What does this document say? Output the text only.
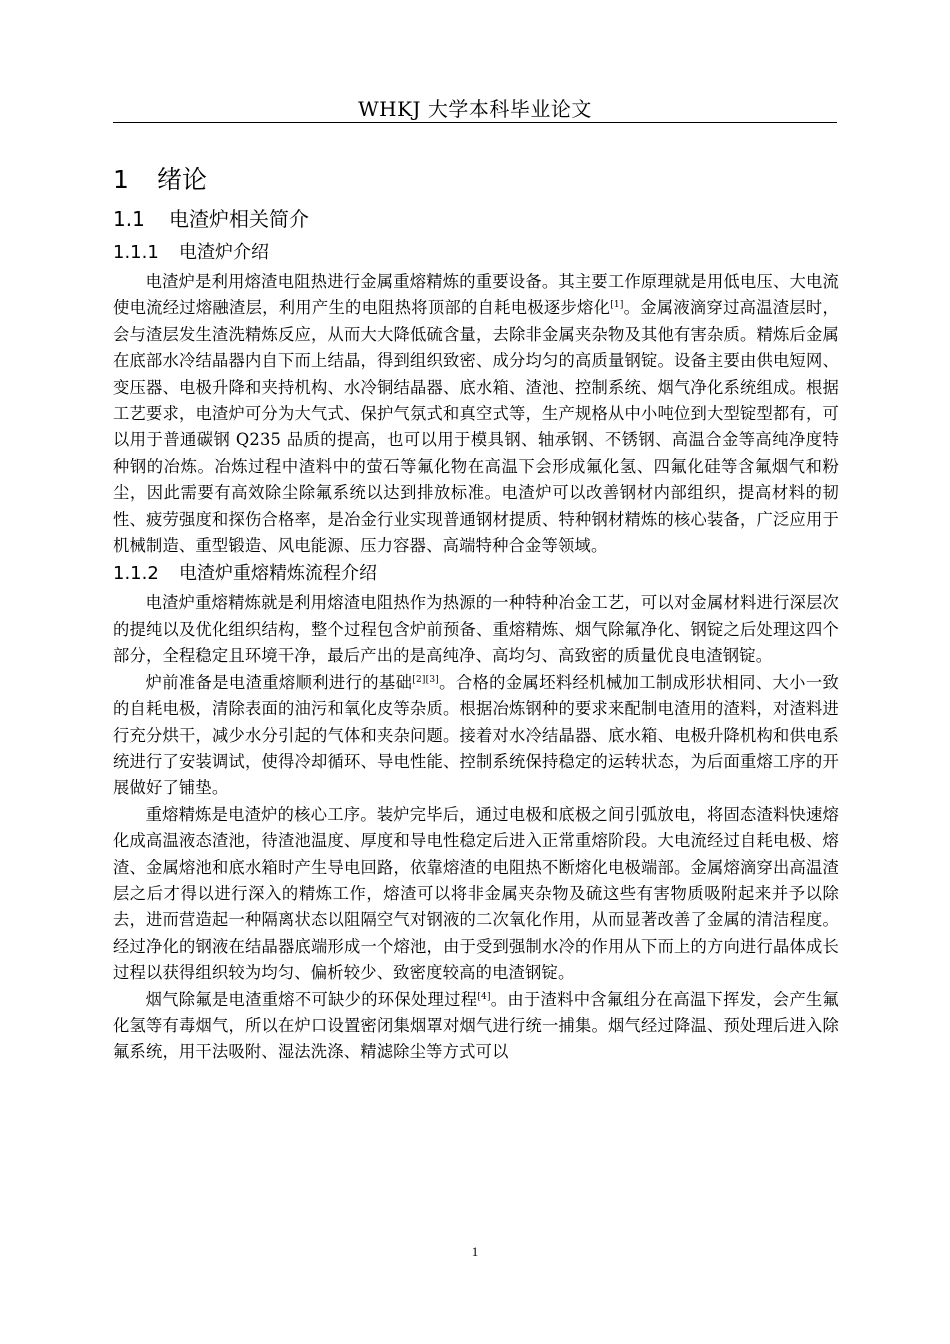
WHKJ 大学本科毕业论文
1 绪论
1.1 电渣炉相关简介
1.1.1 电渣炉介绍

电渣炉是利用熔渣电阻热进行金属重熔精炼的重要设备。其主要工作原理就是用低电压、大电流使电流经过熔融渣层，利用产生的电阻热将顶部的自耗电极逐步熔化[1]。金属液滴穿过高温渣层时，会与渣层发生渣洗精炼反应，从而大大降低硫含量，去除非金属夹杂物及其他有害杂质。精炼后金属在底部水冷结晶器内自下而上结晶，得到组织致密、成分均匀的高质量钢锭。设备主要由供电短网、变压器、电极升降和夹持机构、水冷铜结晶器、底水箱、渣池、控制系统、烟气净化系统组成。根据工艺要求，电渣炉可分为大气式、保护气氛式和真空式等，生产规格从中小吨位到大型锭型都有，可以用于普通碳钢 Q235 品质的提高，也可以用于模具钢、轴承钢、不锈钢、高温合金等高纯净度特种钢的冶炼。冶炼过程中渣料中的萤石等氟化物在高温下会形成氟化氢、四氟化硅等含氟烟气和粉尘，因此需要有高效除尘除氟系统以达到排放标准。电渣炉可以改善钢材内部组织，提高材料的韧性、疲劳强度和探伤合格率，是冶金行业实现普通钢材提质、特种钢材精炼的核心装备，广泛应用于机械制造、重型锻造、风电能源、压力容器、高端特种合金等领域。

1.1.2 电渣炉重熔精炼流程介绍

电渣炉重熔精炼就是利用熔渣电阻热作为热源的一种特种冶金工艺，可以对金属材料进行深层次的提纯以及优化组织结构，整个过程包含炉前预备、重熔精炼、烟气除氟净化、钢锭之后处理这四个部分，全程稳定且环境干净，最后产出的是高纯净、高均匀、高致密的质量优良电渣钢锭。

炉前准备是电渣重熔顺利进行的基础[2][3]。合格的金属坯料经机械加工制成形状相同、大小一致的自耗电极，清除表面的油污和氧化皮等杂质。根据冶炼钢种的要求来配制电渣用的渣料，对渣料进行充分烘干，减少水分引起的气体和夹杂问题。接着对水冷结晶器、底水箱、电极升降机构和供电系统进行了安装调试，使得冷却循环、导电性能、控制系统保持稳定的运转状态，为后面重熔工序的开展做好了铺垫。

重熔精炼是电渣炉的核心工序。装炉完毕后，通过电极和底极之间引弧放电，将固态渣料快速熔化成高温液态渣池，待渣池温度、厚度和导电性稳定后进入正常重熔阶段。大电流经过自耗电极、熔渣、金属熔池和底水箱时产生导电回路，依靠熔渣的电阻热不断熔化电极端部。金属熔滴穿出高温渣层之后才得以进行深入的精炼工作，熔渣可以将非金属夹杂物及硫这些有害物质吸附起来并予以除去，进而营造起一种隔离状态以阻隔空气对钢液的二次氧化作用，从而显著改善了金属的清洁程度。经过净化的钢液在结晶器底端形成一个熔池，由于受到强制水冷的作用从下而上的方向进行晶体成长过程以获得组织较为均匀、偏析较少、致密度较高的电渣钢锭。

烟气除氟是电渣重熔不可缺少的环保处理过程[4]。由于渣料中含氟组分在高温下挥发，会产生氟化氢等有毒烟气，所以在炉口设置密闭集烟罩对烟气进行统一捕集。烟气经过降温、预处理后进入除氟系统，用干法吸附、湿法洗涤、精滤除尘等方式可以

1
